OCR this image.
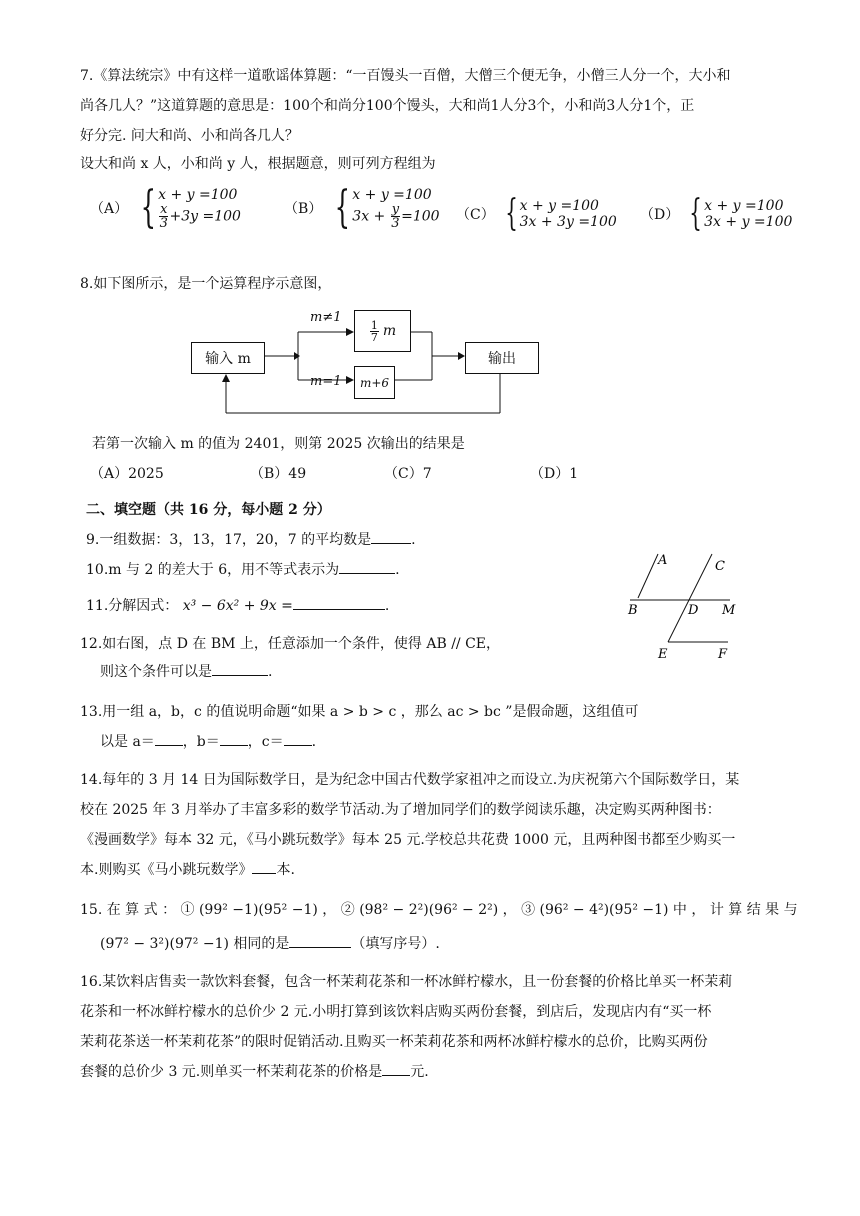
7.《算法统宗》中有这样一道歌谣体算题：“一百馒头一百僧，大僧三个便无争，小僧三人分一个，大小和
尚各几人？”这道算题的意思是：100个和尚分100个馒头，大和尚1人分3个，小和尚3人分1个，正
好分完. 问大和尚、小和尚各几人？
设大和尚 x 人，小和尚 y 人，根据题意，则可列方程组为
（A） { x + y =100
$\frac{x}{3} +3y =100$	（B） { x + y =100
$3x + \frac{y}{3} =100$ （C） { x + y =100
3x + 3y =100 （D） { x + y =100
3x + y =100
8.如下图所示，是一个运算程序示意图，
输入 m
m≠1
$\frac{1}{7}$ m
m=1 m+6
输出
若第一次输入 m 的值为 2401，则第 2025 次输出的结果是
（A）2025	（B）49	（C）7	（D）1
二、填空题（共 16 分，每小题 2 分）
9.一组数据：3，13，17，20，7 的平均数是	.
10.m 与 2 的差大于 6，用不等式表示为	.
11.分解因式： x³ − 6x² + 9x =	.
12.如右图，点 D 在 BM 上，任意添加一个条件，使得 AB // CE，
则这个条件可以是	.
A	C
B	D M
E	F
13.用一组 a，b，c 的值说明命题“如果 a > b > c ，那么 ac > bc ”是假命题，这组值可
以是 a＝ ，b＝ ，c＝ .
14.每年的 3 月 14 日为国际数学日，是为纪念中国古代数学家祖冲之而设立.为庆祝第六个国际数学日，某
校在 2025 年 3 月举办了丰富多彩的数学节活动.为了增加同学们的数学阅读乐趣，决定购买两种图书：
《漫画数学》每本 32 元，《马小跳玩数学》每本 25 元.学校总共花费 1000 元，且两种图书都至少购买一
本.则购买《马小跳玩数学》 本.
15. 在 算 式 ： ① (99² −1)(95² −1) ， ② (98² − 2²)(96² − 2²) ， ③ (96² − 4²)(95² −1) 中 ， 计 算 结 果 与
(97² − 3²)(97² −1) 相同的是	（填写序号）.
16.某饮料店售卖一款饮料套餐，包含一杯茉莉花茶和一杯冰鲜柠檬水，且一份套餐的价格比单买一杯茉莉
花茶和一杯冰鲜柠檬水的总价少 2 元.小明打算到该饮料店购买两份套餐，到店后，发现店内有“买一杯
茉莉花茶送一杯茉莉花茶”的限时促销活动.且购买一杯茉莉花茶和两杯冰鲜柠檬水的总价，比购买两份
套餐的总价少 3 元.则单买一杯茉莉花茶的价格是 元.
